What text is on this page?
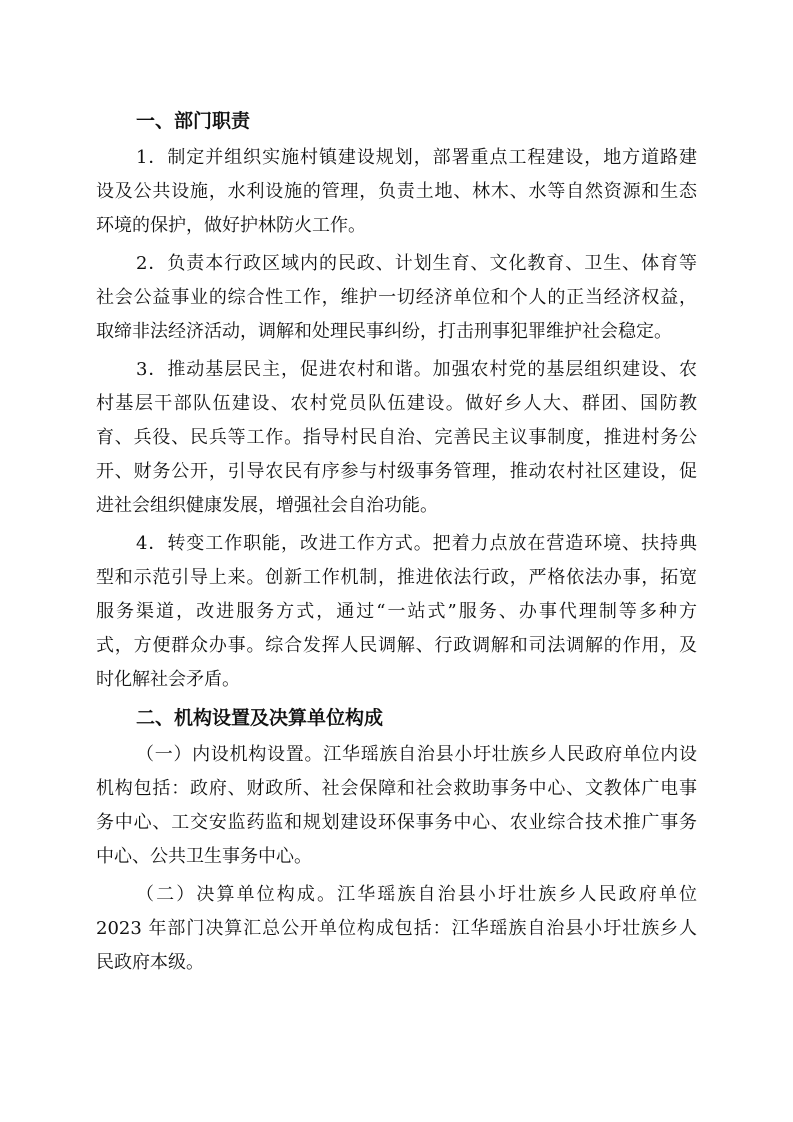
一、部门职责
1．制定并组织实施村镇建设规划，部署重点工程建设，地方道路建
设及公共设施，水利设施的管理，负责土地、林木、水等自然资源和生态
环境的保护，做好护林防火工作。
2．负责本行政区域内的民政、计划生育、文化教育、卫生、体育等
社会公益事业的综合性工作，维护一切经济单位和个人的正当经济权益，
取缔非法经济活动，调解和处理民事纠纷，打击刑事犯罪维护社会稳定。
3．推动基层民主，促进农村和谐。加强农村党的基层组织建设、农
村基层干部队伍建设、农村党员队伍建设。做好乡人大、群团、国防教
育、兵役、民兵等工作。指导村民自治、完善民主议事制度，推进村务公
开、财务公开，引导农民有序参与村级事务管理，推动农村社区建设，促
进社会组织健康发展，增强社会自治功能。
4．转变工作职能，改进工作方式。把着力点放在营造环境、扶持典
型和示范引导上来。创新工作机制，推进依法行政，严格依法办事，拓宽
服务渠道，改进服务方式，通过“一站式”服务、办事代理制等多种方
式，方便群众办事。综合发挥人民调解、行政调解和司法调解的作用，及
时化解社会矛盾。
二、机构设置及决算单位构成
（一）内设机构设置。江华瑶族自治县小圩壮族乡人民政府单位内设
机构包括：政府、财政所、社会保障和社会救助事务中心、文教体广电事
务中心、工交安监药监和规划建设环保事务中心、农业综合技术推广事务
中心、公共卫生事务中心。
（二）决算单位构成。江华瑶族自治县小圩壮族乡人民政府单位
2023 年部门决算汇总公开单位构成包括：江华瑶族自治县小圩壮族乡人
民政府本级。
